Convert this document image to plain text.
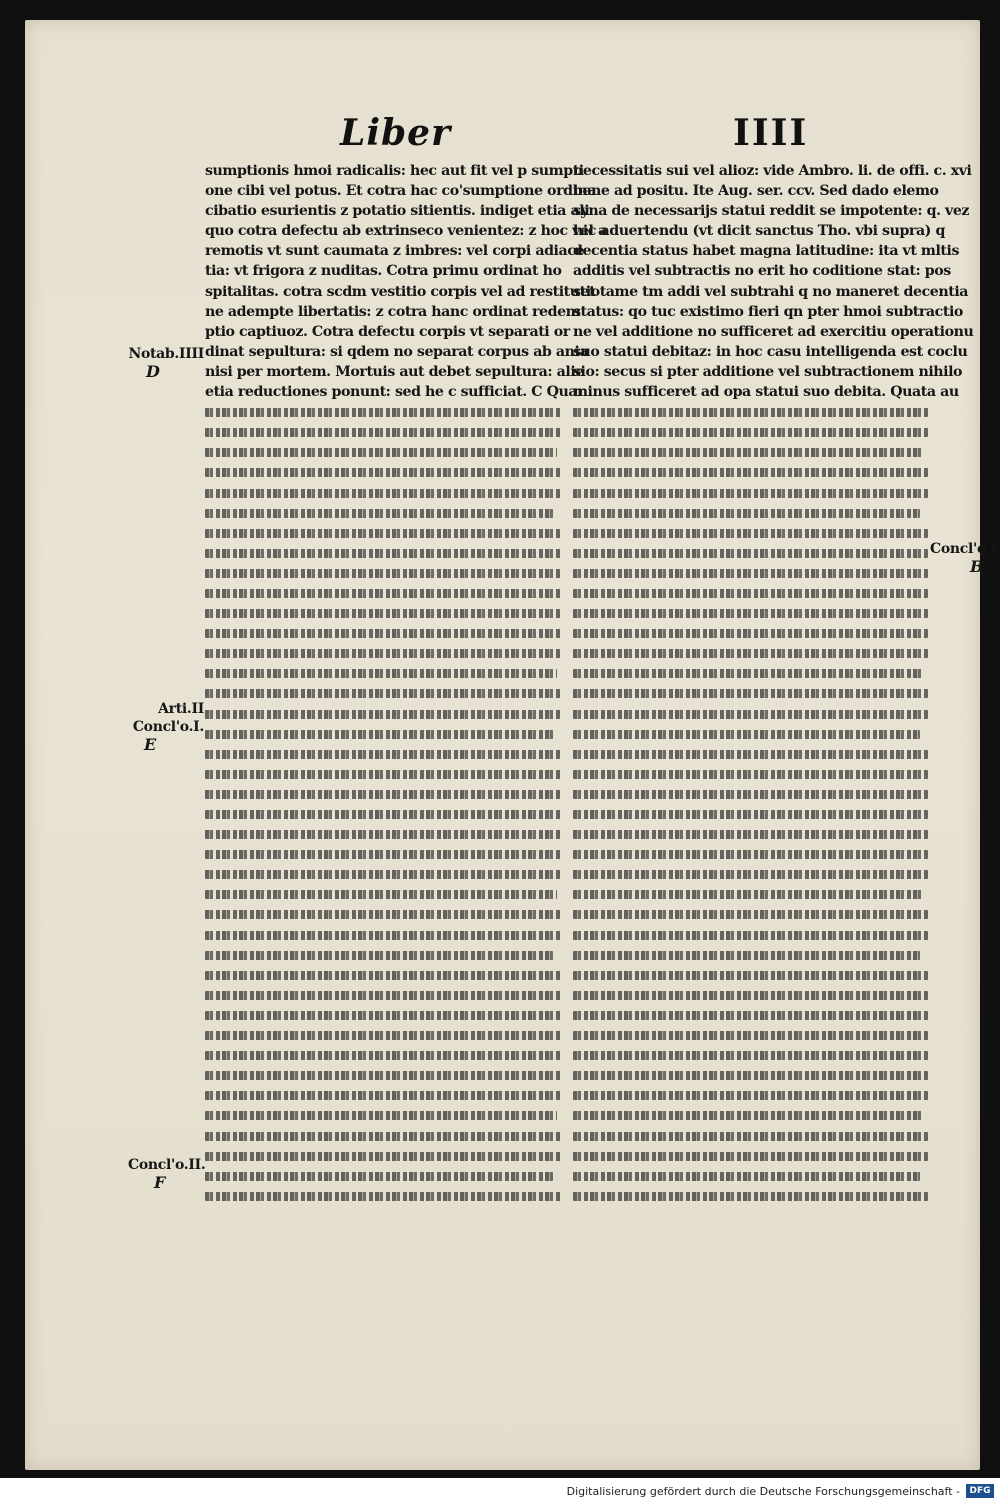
Liber	IIII
Notab.IIII
D
Arti.II
Concl'o.I.
E
Concl'o.II.
F
Concl'o I
B
sumptionis hmoi radicalis: hec aut fit vel p sumpti
one cibi vel potus. Et cotra hac co'sumptione ordina
cibatio esurientis z potatio sitientis. indiget etia ali
quo cotra defectu ab extrinseco venientez: z hoc vel a
remotis vt sunt caumata z imbres: vel corpi adiace
tia: vt frigora z nuditas. Cotra primu ordinat ho
spitalitas. cotra scdm vestitio corpis vel ad restitutio
ne adempte libertatis: z cotra hanc ordinat redem
ptio captiuoz. Cotra defectu corpis vt separati or
dinat sepultura: si qdem no separat corpus ab ania
nisi per mortem. Mortuis aut debet sepultura: alie
etia reductiones ponunt: sed he c sufficiat. C Quar
necessitatis sui vel alioz: vide Ambro. li. de offi. c. xvi
bene ad positu. Ite Aug. ser. ccv. Sed dado elemo
syna de necessarijs statui reddit se impotente: q. vez
hic aduertendu (vt dicit sanctus Tho. vbi supra) q
decentia status habet magna latitudine: ita vt mltis
additis vel subtractis no erit ho coditione stat: pos
set tame tm addi vel subtrahi q no maneret decentia
status: qo tuc existimo fieri qn pter hmoi subtractio
ne vel additione no sufficeret ad exercitiu operationu
suo statui debitaz: in hoc casu intelligenda est coclu
sio: secus si pter additione vel subtractionem nihilo
minus sufficeret ad opa statui suo debita. Quata au
Digitalisierung gefördert durch die Deutsche Forschungsgemeinschaft -	DFG
